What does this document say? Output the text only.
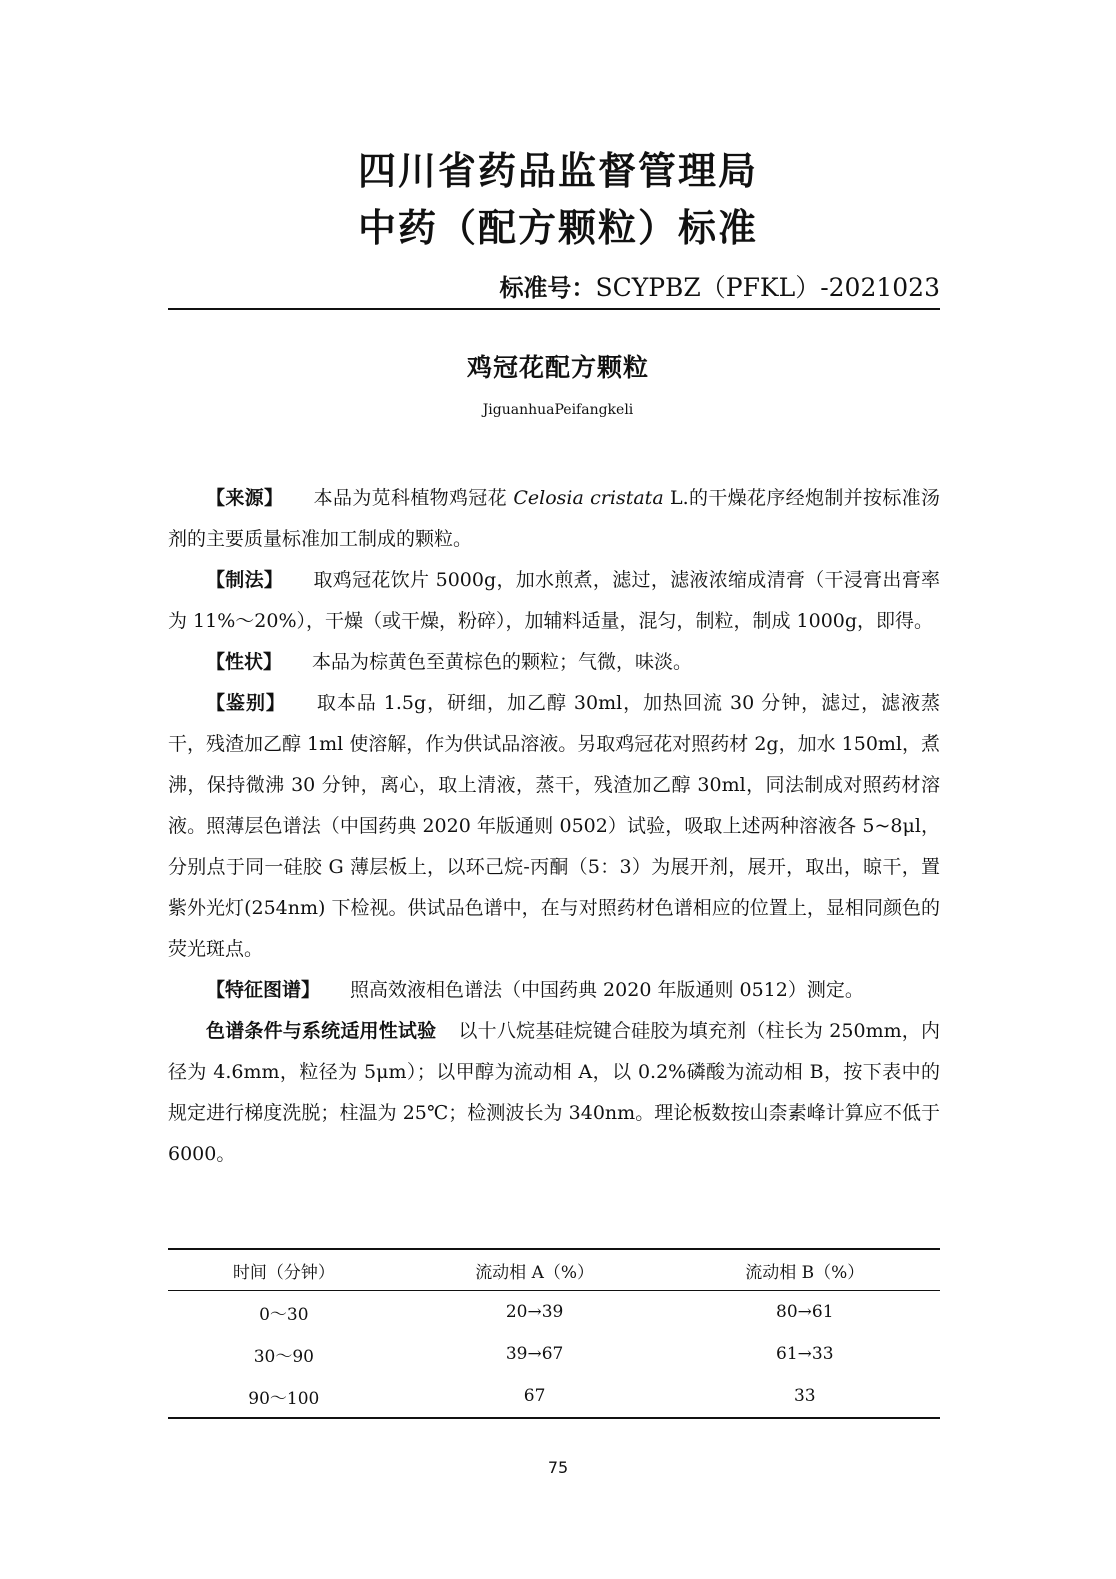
四川省药品监督管理局
中药（配方颗粒）标准
标准号：SCYPBZ（PFKL）-2021023
鸡冠花配方颗粒
JiguanhuaPeifangkeli

【来源】 本品为苋科植物鸡冠花 Celosia cristata L.的干燥花序经炮制并按标准汤剂的主要质量标准加工制成的颗粒。

【制法】 取鸡冠花饮片 5000g，加水煎煮，滤过，滤液浓缩成清膏（干浸膏出膏率为 11%～20%），干燥（或干燥，粉碎），加辅料适量，混匀，制粒，制成 1000g，即得。

【性状】 本品为棕黄色至黄棕色的颗粒；气微，味淡。

【鉴别】 取本品 1.5g，研细，加乙醇 30ml，加热回流 30 分钟，滤过，滤液蒸干，残渣加乙醇 1ml 使溶解，作为供试品溶液。另取鸡冠花对照药材 2g，加水 150ml，煮沸，保持微沸 30 分钟，离心，取上清液，蒸干，残渣加乙醇 30ml，同法制成对照药材溶液。照薄层色谱法（中国药典 2020 年版通则 0502）试验，吸取上述两种溶液各 5~8μl，分别点于同一硅胶 G 薄层板上，以环己烷-丙酮（5：3）为展开剂，展开，取出，晾干，置紫外光灯(254nm) 下检视。供试品色谱中，在与对照药材色谱相应的位置上，显相同颜色的荧光斑点。

【特征图谱】 照高效液相色谱法（中国药典 2020 年版通则 0512）测定。

色谱条件与系统适用性试验 以十八烷基硅烷键合硅胶为填充剂（柱长为 250mm，内径为 4.6mm，粒径为 5μm）；以甲醇为流动相 A，以 0.2%磷酸为流动相 B，按下表中的规定进行梯度洗脱；柱温为 25℃；检测波长为 340nm。理论板数按山柰素峰计算应不低于 6000。

时间（分钟）	流动相 A（%）	流动相 B（%）
0～30	20→39	80→61
30～90	39→67	61→33
90～100	67	33
75
